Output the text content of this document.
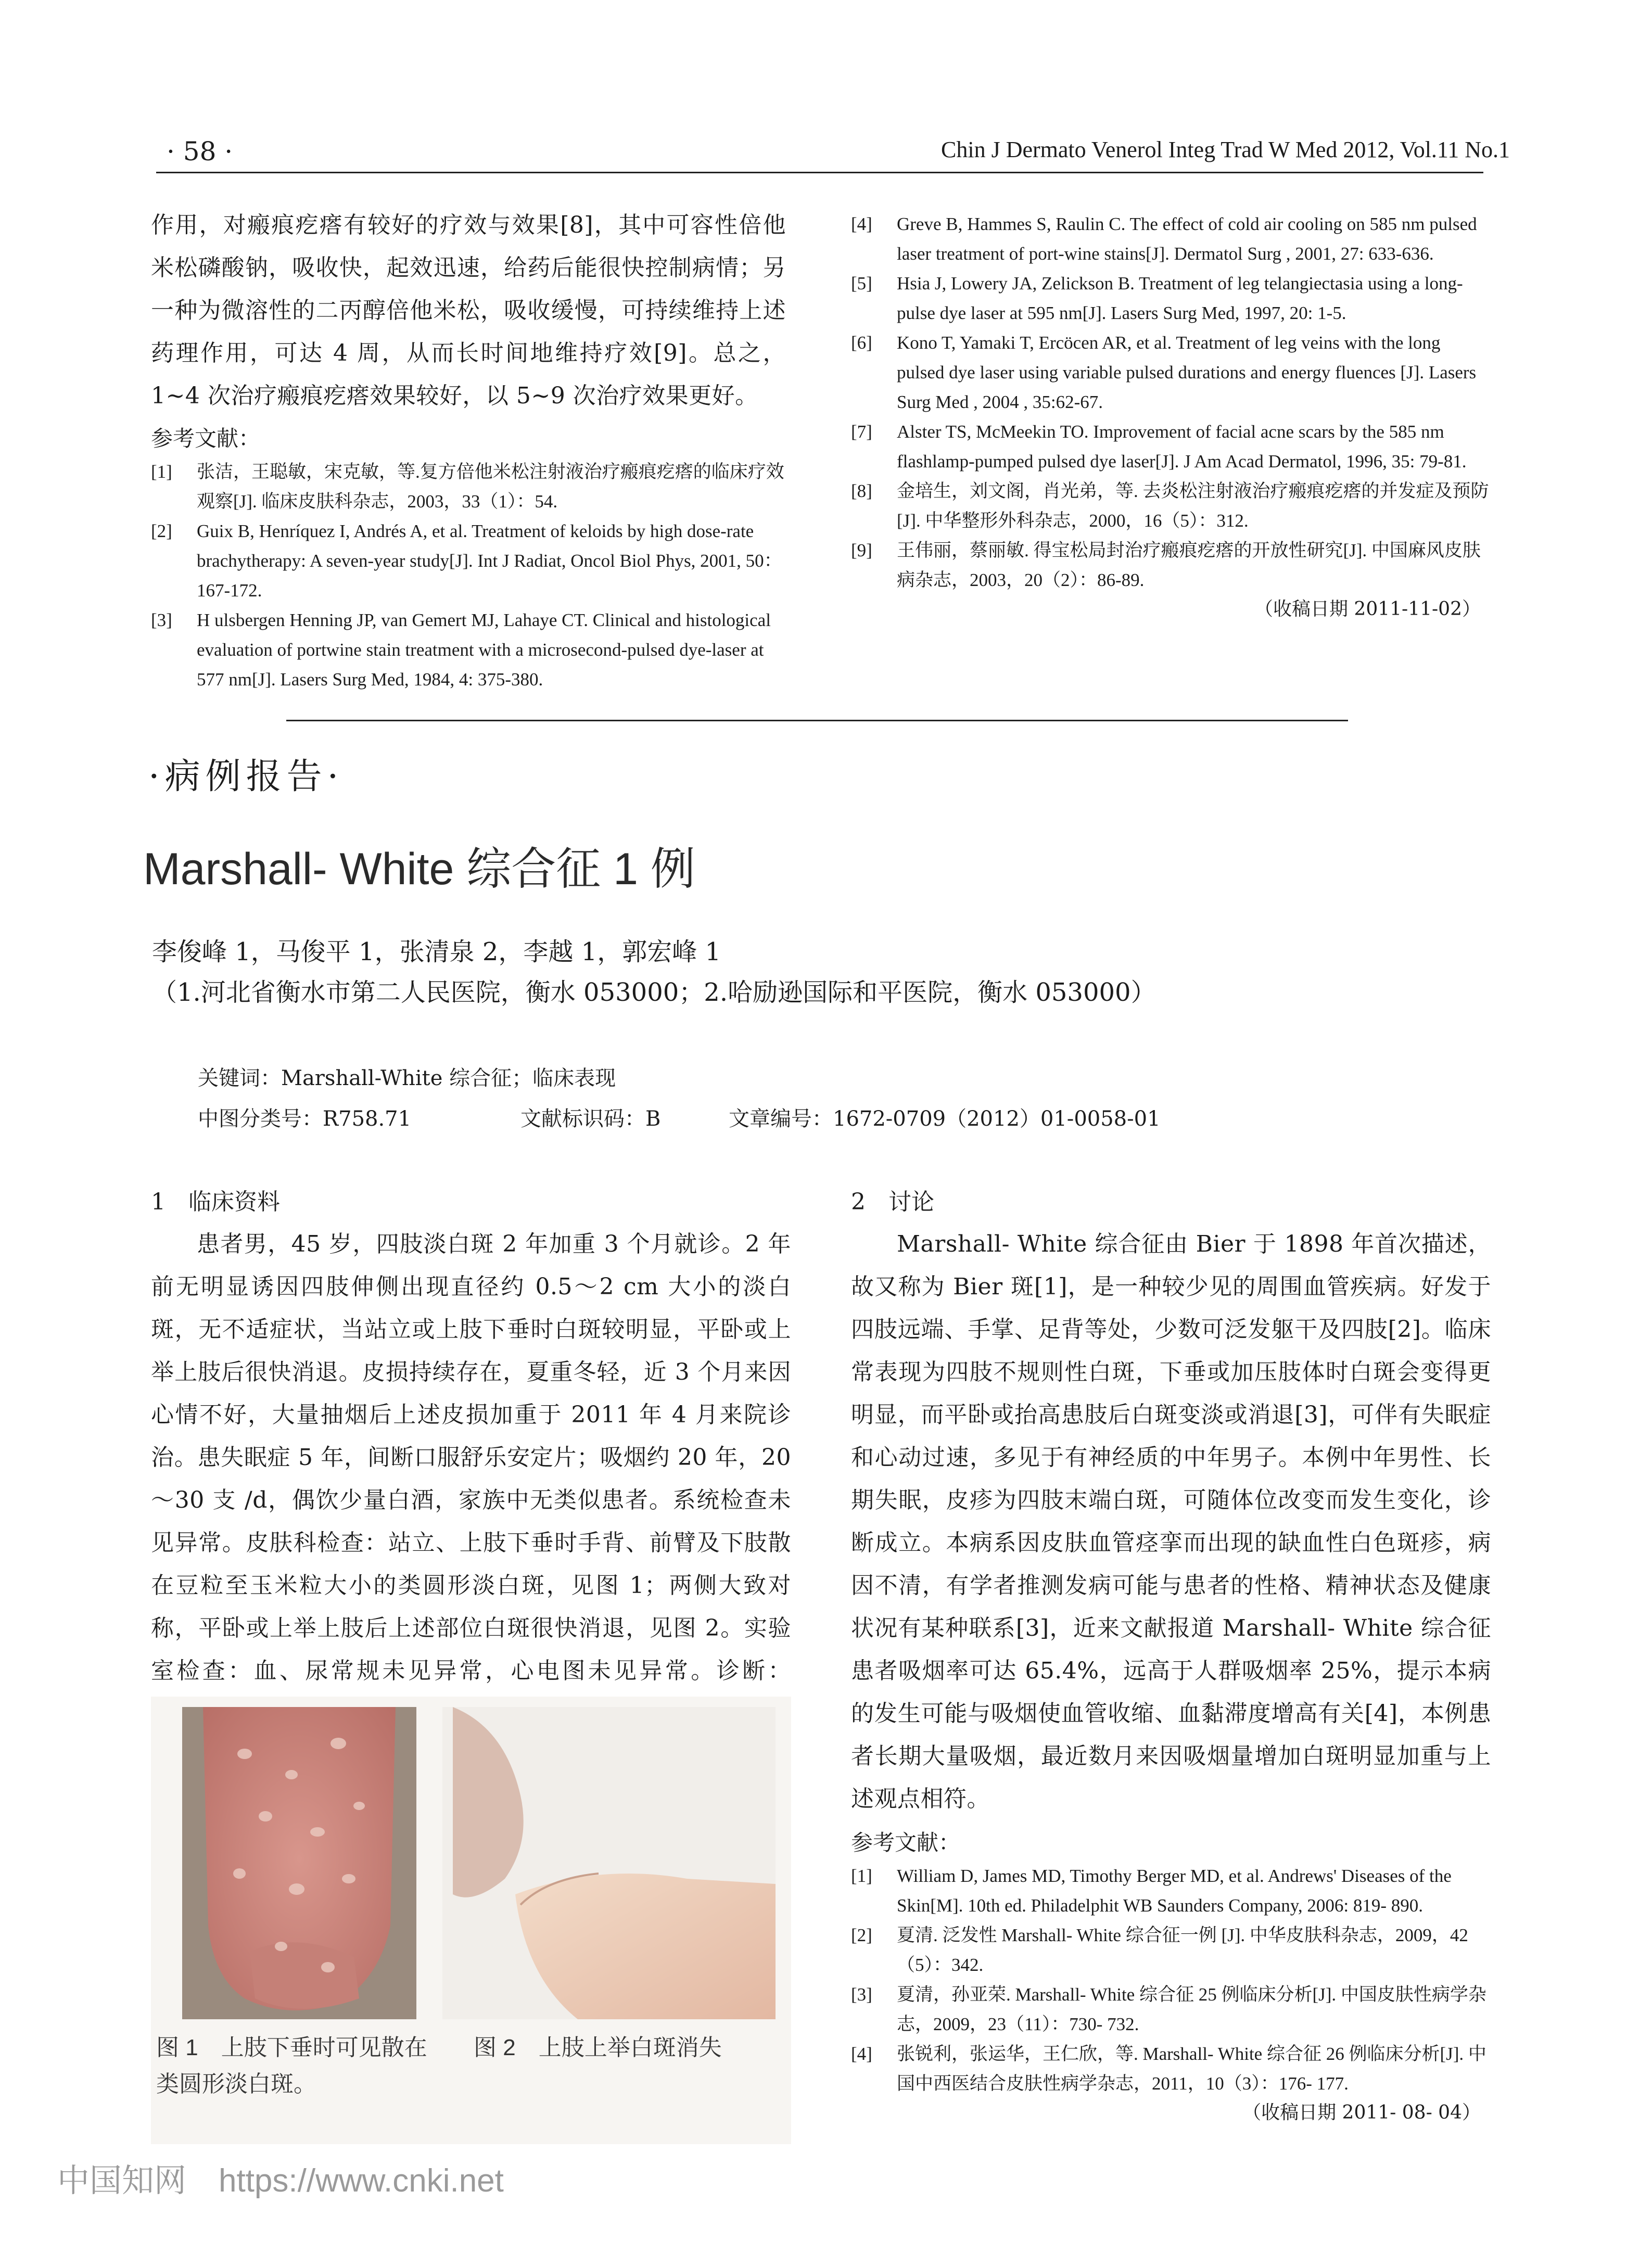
· 58 ·	Chin J Dermato Venerol Integ Trad W Med 2012, Vol.11 No.1
作用，对瘢痕疙瘩有较好的疗效与效果[8]，其中可容性倍他米松磷酸钠，吸收快，起效迅速，给药后能很快控制病情；另一种为微溶性的二丙醇倍他米松，吸收缓慢，可持续维持上述药理作用，可达 4 周，从而长时间地维持疗效[9]。总之，1~4 次治疗瘢痕疙瘩效果较好，以 5~9 次治疗效果更好。

参考文献：

[1]	张洁，王聪敏，宋克敏，等.复方倍他米松注射液治疗瘢痕疙瘩的临床疗效观察[J]. 临床皮肤科杂志，2003，33（1）：54.
[2]	Guix B, Henríquez I, Andrés A, et al. Treatment of keloids by high dose-rate brachytherapy: A seven-year study[J]. Int J Radiat, Oncol Biol Phys, 2001, 50：167-172.
[3]	H ulsbergen Henning JP, van Gemert MJ, Lahaye CT. Clinical and histological evaluation of portwine stain treatment with a microsecond-pulsed dye-laser at 577 nm[J]. Lasers Surg Med, 1984, 4: 375-380.
[4]	Greve B, Hammes S, Raulin C. The effect of cold air cooling on 585 nm pulsed laser treatment of port-wine stains[J]. Dermatol Surg , 2001, 27: 633-636.
[5]	Hsia J, Lowery JA, Zelickson B. Treatment of leg telangiectasia using a long-pulse dye laser at 595 nm[J]. Lasers Surg Med, 1997, 20: 1-5.
[6]	Kono T, Yamaki T, Ercöcen AR, et al. Treatment of leg veins with the long pulsed dye laser using variable pulsed durations and energy fluences [J]. Lasers Surg Med , 2004 , 35:62-67.
[7]	Alster TS, McMeekin TO. Improvement of facial acne scars by the 585 nm flashlamp-pumped pulsed dye laser[J]. J Am Acad Dermatol, 1996, 35: 79-81.
[8]	金培生，刘文阁，肖光弟，等. 去炎松注射液治疗瘢痕疙瘩的并发症及预防[J]. 中华整形外科杂志，2000，16（5）：312.
[9]	王伟丽，蔡丽敏. 得宝松局封治疗瘢痕疙瘩的开放性研究[J]. 中国麻风皮肤病杂志，2003，20（2）：86-89.
（收稿日期 2011-11-02）
·病例报告·
Marshall- White 综合征 1 例
李俊峰 1，马俊平 1，张清泉 2，李越 1，郭宏峰 1
（1.河北省衡水市第二人民医院，衡水 053000；2.哈励逊国际和平医院，衡水 053000）
关键词：Marshall-White 综合征；临床表现
中图分类号：R758.71	文献标识码：B	文章编号：1672-0709（2012）01-0058-01

1　临床资料

患者男，45 岁，四肢淡白斑 2 年加重 3 个月就诊。2 年前无明显诱因四肢伸侧出现直径约 0.5～2 cm 大小的淡白斑，无不适症状，当站立或上肢下垂时白斑较明显，平卧或上举上肢后很快消退。皮损持续存在，夏重冬轻，近 3 个月来因心情不好，大量抽烟后上述皮损加重于 2011 年 4 月来院诊治。患失眠症 5 年，间断口服舒乐安定片；吸烟约 20 年，20～30 支 /d，偶饮少量白酒，家族中无类似患者。系统检查未见异常。皮肤科检查：站立、上肢下垂时手背、前臂及下肢散在豆粒至玉米粒大小的类圆形淡白斑，见图 1；两侧大致对称，平卧或上举上肢后上述部位白斑很快消退，见图 2。实验室检查：血、尿常规未见异常，心电图未见异常。诊断：
图 1　上肢下垂时可见散在类圆形淡白斑。
图 2　上肢上举白斑消失

2　讨论

Marshall- White 综合征由 Bier 于 1898 年首次描述，故又称为 Bier 斑[1]，是一种较少见的周围血管疾病。好发于四肢远端、手掌、足背等处，少数可泛发躯干及四肢[2]。临床常表现为四肢不规则性白斑，下垂或加压肢体时白斑会变得更明显，而平卧或抬高患肢后白斑变淡或消退[3]，可伴有失眠症和心动过速，多见于有神经质的中年男子。本例中年男性、长期失眠，皮疹为四肢末端白斑，可随体位改变而发生变化，诊断成立。本病系因皮肤血管痉挛而出现的缺血性白色斑疹，病因不清，有学者推测发病可能与患者的性格、精神状态及健康状况有某种联系[3]，近来文献报道 Marshall- White 综合征患者吸烟率可达 65.4%，远高于人群吸烟率 25%，提示本病的发生可能与吸烟使血管收缩、血黏滞度增高有关[4]，本例患者长期大量吸烟，最近数月来因吸烟量增加白斑明显加重与上述观点相符。

参考文献：

[1]	William D, James MD, Timothy Berger MD, et al. Andrews' Diseases of the Skin[M]. 10th ed. Philadelphit WB Saunders Company, 2006: 819- 890.
[2]	夏清. 泛发性 Marshall- White 综合征一例 [J]. 中华皮肤科杂志，2009，42（5）：342.
[3]	夏清，孙亚荣. Marshall- White 综合征 25 例临床分析[J]. 中国皮肤性病学杂志，2009，23（11）：730- 732.
[4]	张锐利，张运华，王仁欣，等. Marshall- White 综合征 26 例临床分析[J]. 中国中西医结合皮肤性病学杂志，2011，10（3）：176- 177.
（收稿日期 2011- 08- 04）
中国知网　https://www.cnki.net
